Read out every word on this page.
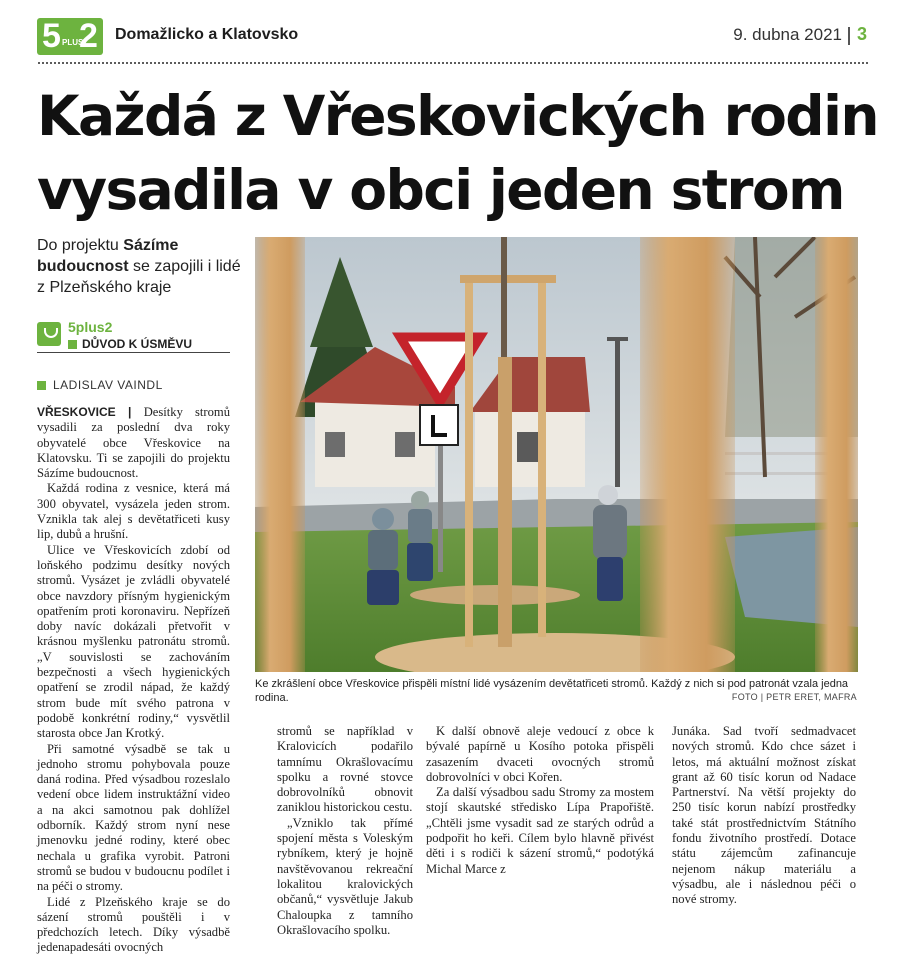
5 PLUS
2 Domažlicko a Klatovsko	9. dubna 2021 3
Každá z Vřeskovických rodin
vysadila v obci jeden strom
Do projektu Sázíme budoucnost se zapojili i lidé z Plzeňského kraje
5plus2
DŮVOD K ÚSMĚVU
LADISLAV VAINDL

VŘESKOVICE | Desítky stromů vysadili za poslední dva roky obyvatelé obce Vřeskovice na Klatovsku. Ti se zapojili do projektu Sázíme budoucnost.

Každá rodina z vesnice, která má 300 obyvatel, vysázela jeden strom. Vznikla tak alej s devětatřiceti kusy lip, dubů a hrušní.

Ulice ve Vřeskovicích zdobí od loňského podzimu desítky nových stromů. Vysázet je zvládli obyvatelé obce navzdory přísným hygienickým opatřením proti koronaviru. Nepřízeň doby navíc dokázali přetvořit v krásnou myšlenku patronátu stromů. „V souvislosti se zachováním bezpečnosti a všech hygienických opatření se zrodil nápad, že každý strom bude mít svého patrona v podobě konkrétní rodiny,“ vysvětlil starosta obce Jan Krotký.

Při samotné výsadbě se tak u jednoho stromu pohybovala pouze daná rodina. Před výsadbou rozeslalo vedení obce lidem instruktážní video a na akci samotnou pak dohlížel odborník. Každý strom nyní nese jmenovku jedné rodiny, které obec nechala u grafika vyrobit. Patroni stromů se budou v budoucnu podílet i na péči o stromy.

Lidé z Plzeňského kraje se do sázení stromů pouštěli i v předchozích letech. Díky výsadbě jedenapadesáti ovocných

Ke zkrášlení obce Vřeskovice přispěli místní lidé vysázením devětatřiceti stromů. Každý z nich si pod patronát vzala jedna rodina.	FOTO | PETR ERET, MAFRA

stromů se například v Kralovicích podařilo tamnímu Okrašlovacímu spolku a rovné stovce dobrovolníků obnovit zaniklou historickou cestu.

„Vzniklo tak přímé spojení města s Voleským rybníkem, který je hojně navštěvovanou rekreační lokalitou kralovických občanů,“ vysvětluje Jakub Chaloupka z tamního Okrašlovacího spolku.

K další obnově aleje vedoucí z obce k bývalé papírně u Kosího potoka přispěli zasazením dvaceti ovocných stromů dobrovolníci v obci Kořen.

Za další výsadbou sadu Stromy za mostem stojí skautské středisko Lípa Prapořiště. „Chtěli jsme vysadit sad ze starých odrůd a podpořit ho keři. Cílem bylo hlavně přivést děti i s rodiči k sázení stromů,“ podotýká Michal Marce z

Junáka. Sad tvoří sedmadvacet nových stromů. Kdo chce sázet i letos, má aktuální možnost získat grant až 60 tisíc korun od Nadace Partnerství. Na větší projekty do 250 tisíc korun nabízí prostředky také stát prostřednictvím Státního fondu životního prostředí. Dotace státu zájemcům zafinancuje nejenom nákup materiálu a výsadbu, ale i následnou péči o nové stromy.
